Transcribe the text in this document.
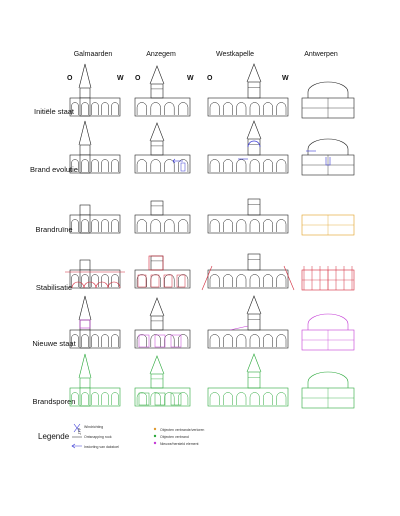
Galmaarden	Anzegem	Westkapelle	Antwerpen
O	W O	W O	W
Initiële staat
Brand evolutie
Brandruïne
Stabilisatie
Nieuwe staat
Brandsporen
Legende
ALT
Windrichting
Ontsnapping rook
Instorting van dakstoel
Objecten verbrande/verloren
Objecten verbrand
Nieuwe/hersteld element
